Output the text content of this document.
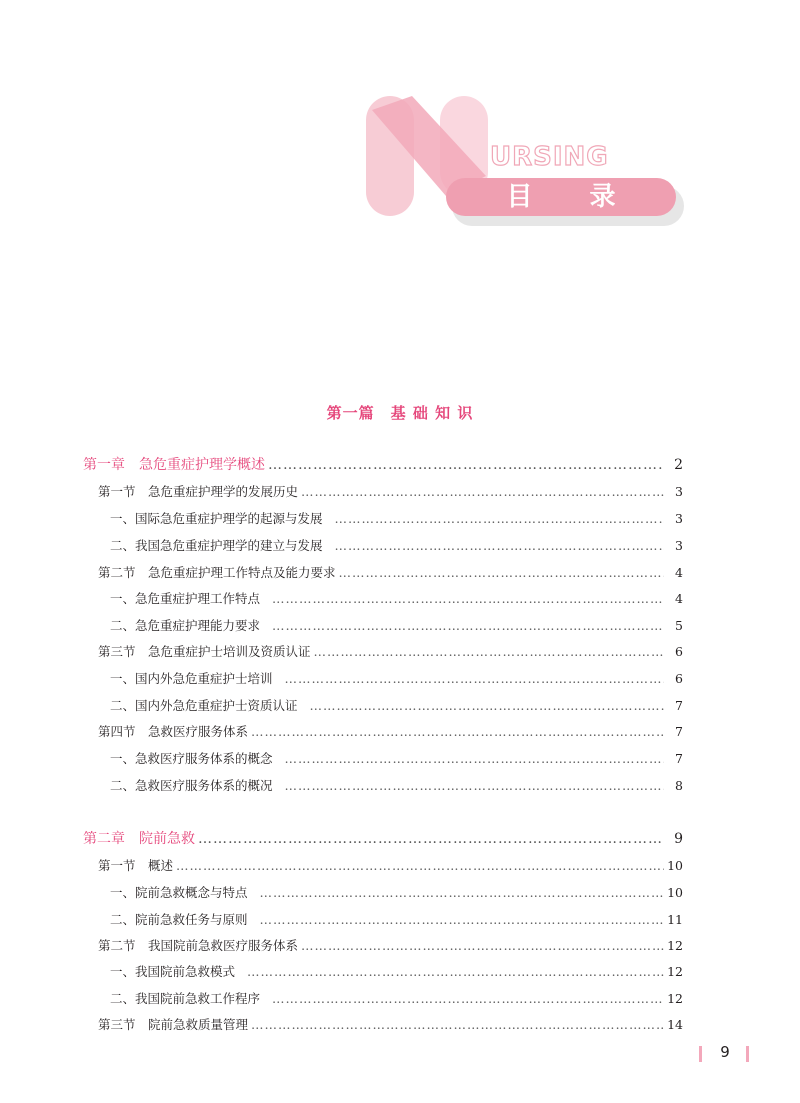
URSING
目 录
第一篇　基 础 知 识
第一章　急危重症护理学概述 ……………………………………………………………………………………………………………………………………………………………………………………………………	2
第一节　急危重症护理学的发展历史 ……………………………………………………………………………………………………………………………………………………………………………………………………	3
一、国际急危重症护理学的起源与发展 ……………………………………………………………………………………………………………………………………………………………………………………………………	3
二、我国急危重症护理学的建立与发展 ……………………………………………………………………………………………………………………………………………………………………………………………………	3
第二节　急危重症护理工作特点及能力要求 ……………………………………………………………………………………………………………………………………………………………………………………………………	4
一、急危重症护理工作特点 ……………………………………………………………………………………………………………………………………………………………………………………………………	4
二、急危重症护理能力要求 ……………………………………………………………………………………………………………………………………………………………………………………………………	5
第三节　急危重症护士培训及资质认证 ……………………………………………………………………………………………………………………………………………………………………………………………………	6
一、国内外急危重症护士培训 ……………………………………………………………………………………………………………………………………………………………………………………………………	6
二、国内外急危重症护士资质认证 ……………………………………………………………………………………………………………………………………………………………………………………………………	7
第四节　急救医疗服务体系 ……………………………………………………………………………………………………………………………………………………………………………………………………	7
一、急救医疗服务体系的概念 ……………………………………………………………………………………………………………………………………………………………………………………………………	7
二、急救医疗服务体系的概况 ……………………………………………………………………………………………………………………………………………………………………………………………………	8
第二章　院前急救 ……………………………………………………………………………………………………………………………………………………………………………………………………	9
第一节　概述 ……………………………………………………………………………………………………………………………………………………………………………………………………	10
一、院前急救概念与特点 ……………………………………………………………………………………………………………………………………………………………………………………………………	10
二、院前急救任务与原则 ……………………………………………………………………………………………………………………………………………………………………………………………………	11
第二节　我国院前急救医疗服务体系 ……………………………………………………………………………………………………………………………………………………………………………………………………	12
一、我国院前急救模式 ……………………………………………………………………………………………………………………………………………………………………………………………………	12
二、我国院前急救工作程序 ……………………………………………………………………………………………………………………………………………………………………………………………………	12
第三节　院前急救质量管理 ……………………………………………………………………………………………………………………………………………………………………………………………………	14
9
